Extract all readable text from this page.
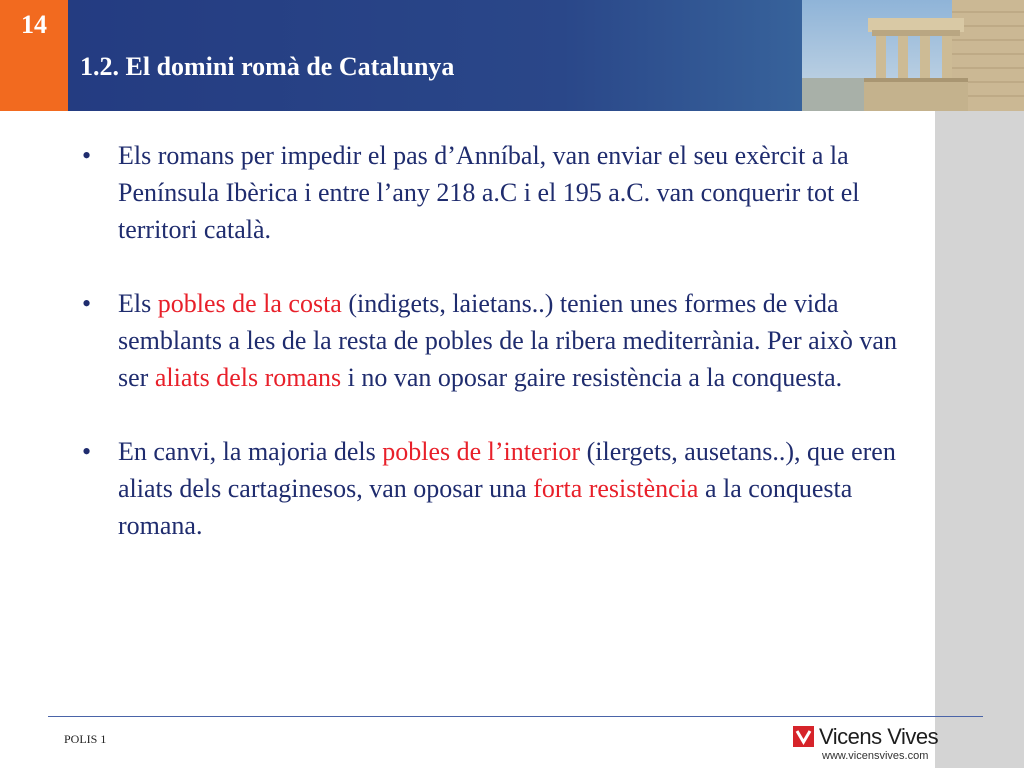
14
1.2. El domini romà de Catalunya
• Els romans per impedir el pas d’Anníbal, van enviar el seu exèrcit a la Península Ibèrica i entre l’any 218 a.C i el 195 a.C. van conquerir tot el territori català.
• Els pobles de la costa (indigets, laietans..) tenien unes formes de vida semblants a les de la resta de pobles de la ribera mediterrània. Per això van ser aliats dels romans i no van oposar gaire resistència a la conquesta.
• En canvi, la majoria dels pobles de l’interior (ilergets, ausetans..), que eren aliats dels cartaginesos, van oposar una forta resistència a la conquesta romana.
POLIS 1	Vicens Vives
www.vicensvives.com
